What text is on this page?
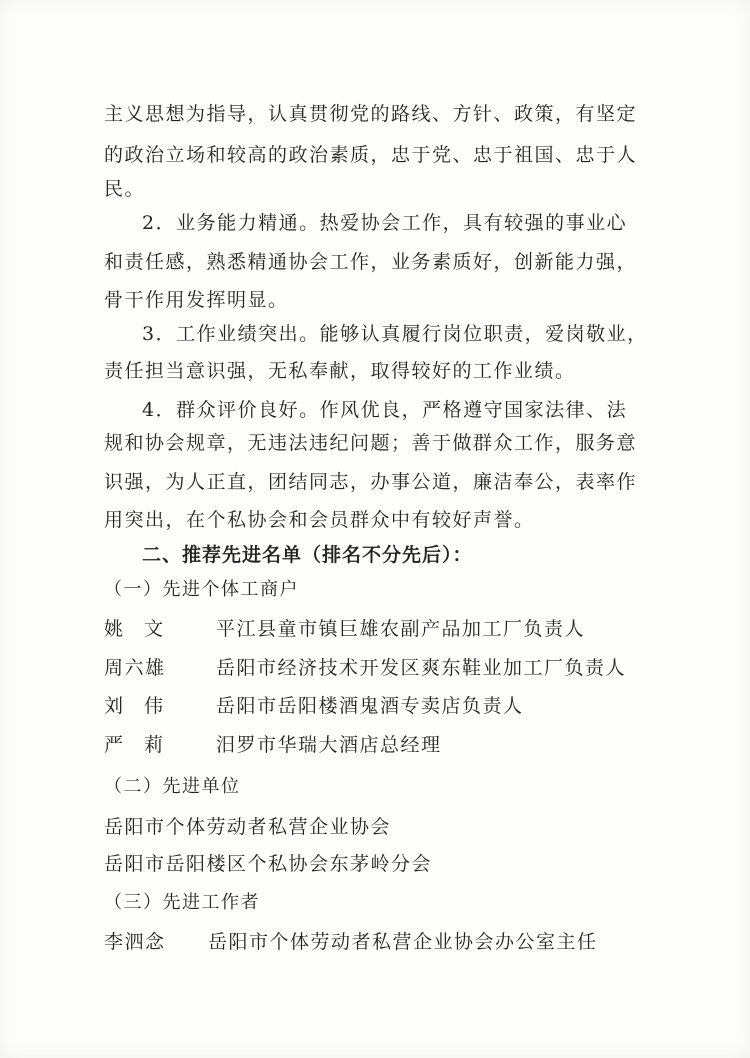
主义思想为指导，认真贯彻党的路线、方针、政策，有坚定
的政治立场和较高的政治素质，忠于党、忠于祖国、忠于人
民。
2．业务能力精通。热爱协会工作，具有较强的事业心
和责任感，熟悉精通协会工作，业务素质好，创新能力强，
骨干作用发挥明显。
3．工作业绩突出。能够认真履行岗位职责，爱岗敬业，
责任担当意识强，无私奉献，取得较好的工作业绩。
4．群众评价良好。作风优良，严格遵守国家法律、法
规和协会规章，无违法违纪问题；善于做群众工作，服务意
识强，为人正直，团结同志，办事公道，廉洁奉公，表率作
用突出，在个私协会和会员群众中有较好声誉。
二、推荐先进名单（排名不分先后）：
（一）先进个体工商户
姚文 平江县童市镇巨雄农副产品加工厂负责人
周六雄	岳阳市经济技术开发区爽东鞋业加工厂负责人
刘伟 岳阳市岳阳楼酒鬼酒专卖店负责人
严莉 汨罗市华瑞大酒店总经理
（二）先进单位
岳阳市个体劳动者私营企业协会
岳阳市岳阳楼区个私协会东茅岭分会
（三）先进工作者
李泗念 岳阳市个体劳动者私营企业协会办公室主任
